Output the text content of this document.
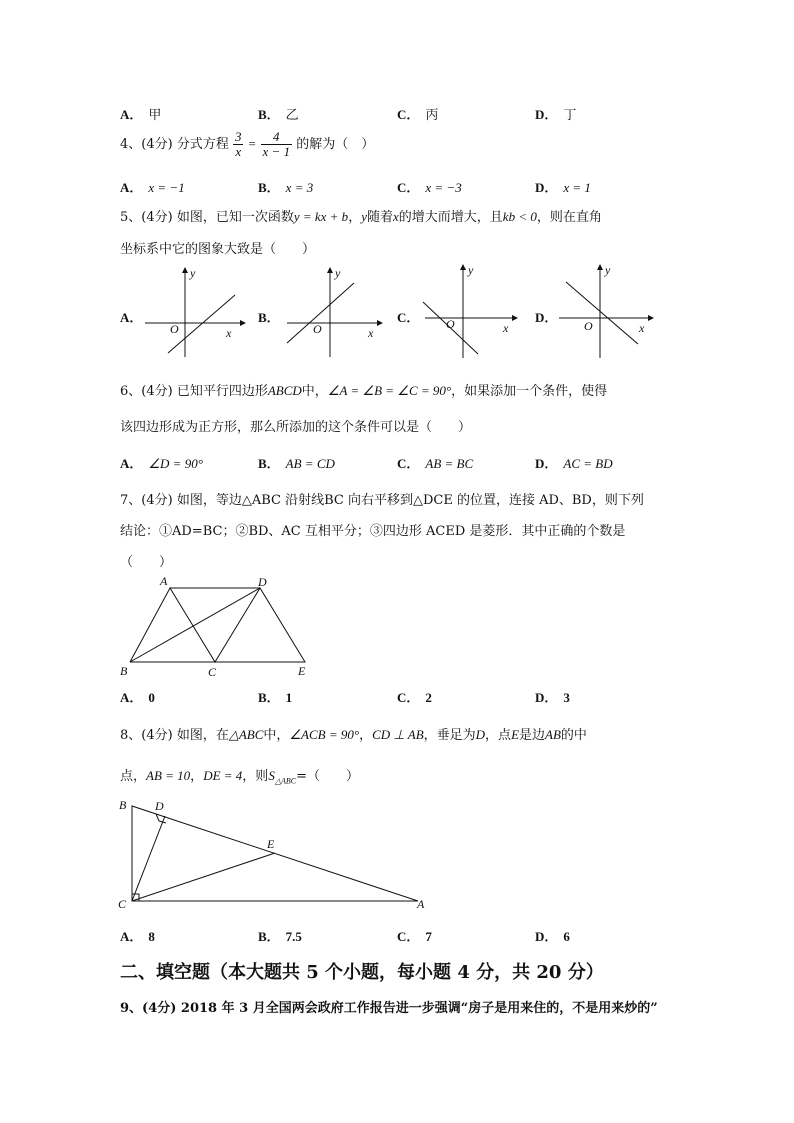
A． 甲	B． 乙	C． 丙	D． 丁
4、(4分) 分式方程 $\frac{3}{x} = \frac{4}{x - 1}$ 的解为（　）
A． x = −1	B． x = 3	C． x = −3	D． x = 1
5、(4分) 如图，已知一次函数y = kx + b，y随着x的增大而增大，且kb < 0，则在直角
坐标系中它的图象大致是（　　）
A．
y
x
O
B．
y
x
O
C．
y
x
O	D．
y
x
O
6、(4分) 已知平行四边形ABCD中，∠A = ∠B = ∠C = 90°，如果添加一个条件，使得
该四边形成为正方形，那么所添加的这个条件可以是（　　）
A． ∠D = 90°	B． AB = CD	C． AB = BC	D． AC = BD
7、(4分) 如图，等边△ABC 沿射线BC 向右平移到△DCE 的位置，连接 AD、BD，则下列
结论：①AD=BC；②BD、AC 互相平分；③四边形 ACED 是菱形．其中正确的个数是
（　　）
A	D
B	C	E
A． 0	B． 1	C． 2	D． 3
8、(4分) 如图，在△ABC中，∠ACB = 90°，CD ⊥ AB，垂足为D，点E是边AB的中
点，AB = 10，DE = 4，则$S_{\triangle ABC}=$（　　）
B D
E
C	A
A． 8	B． 7.5	C． 7	D． 6
二、填空题（本大题共 5 个小题，每小题 4 分，共 20 分）
9、(4分) 2018 年 3 月全国两会政府工作报告进一步强调“房子是用来住的，不是用来炒的”
